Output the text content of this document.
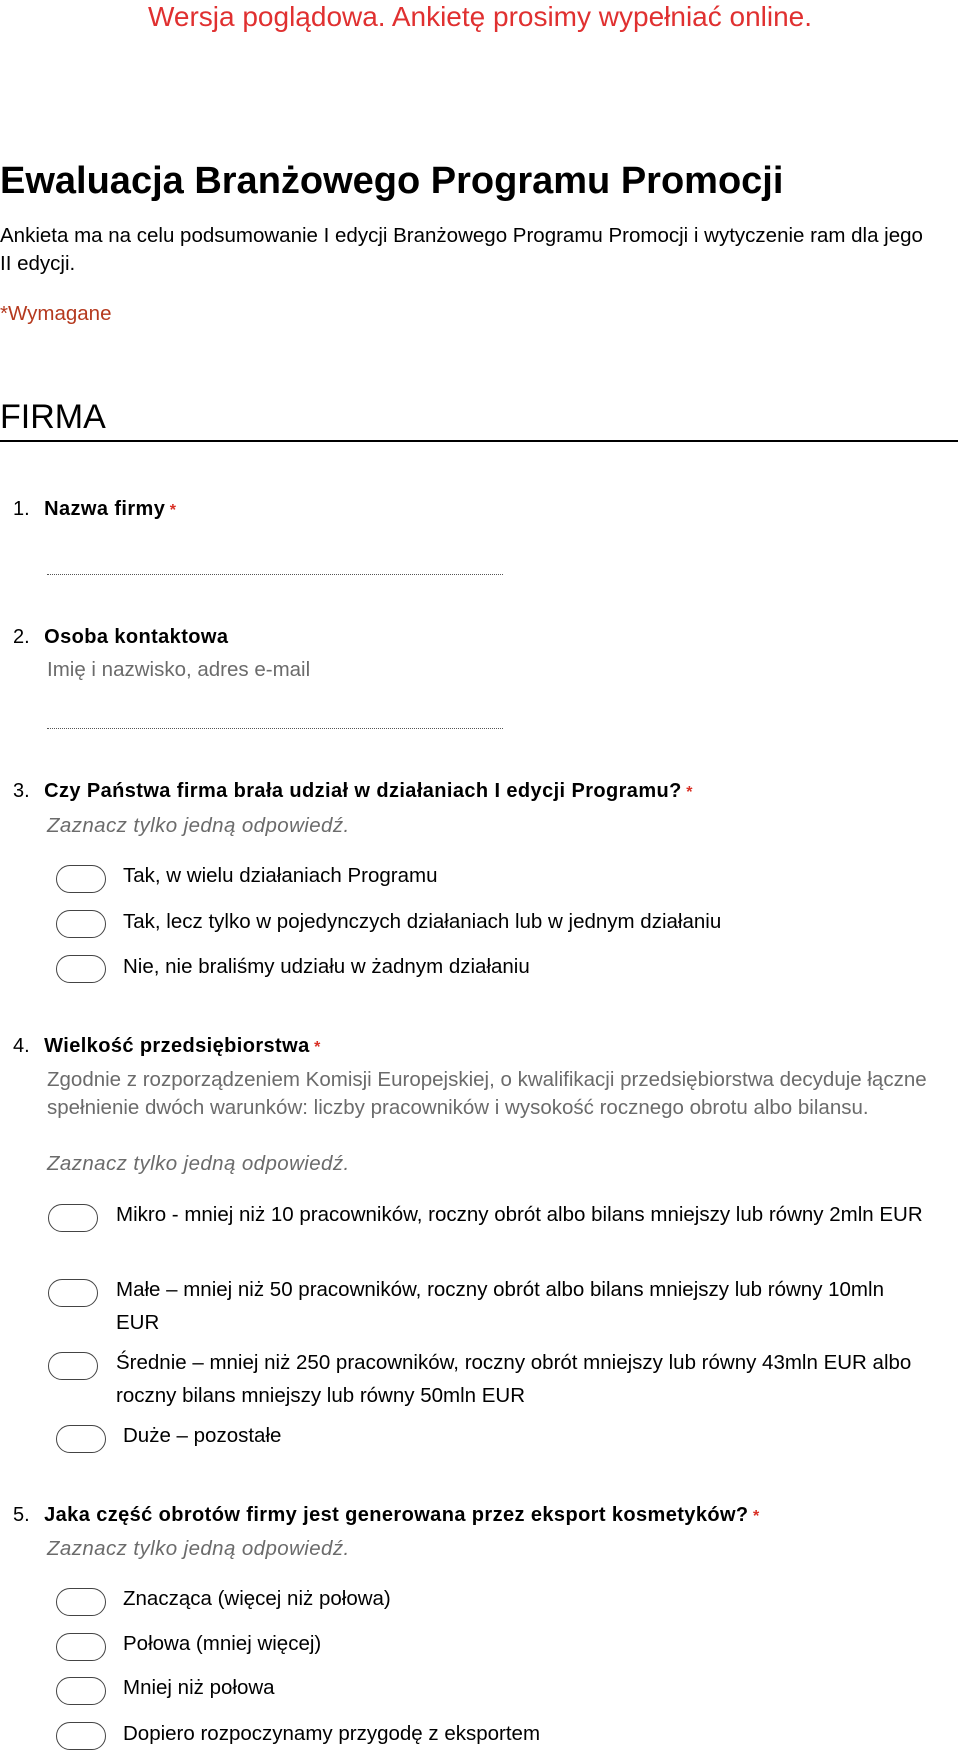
Wersja poglądowa. Ankietę prosimy wypełniać online.
Ewaluacja Branżowego Programu Promocji
Ankieta ma na celu podsumowanie I edycji Branżowego Programu Promocji i wytyczenie ram dla jego II edycji.
*Wymagane
FIRMA
1. Nazwa firmy *
2. Osoba kontaktowa
Imię i nazwisko, adres e-mail
3. Czy Państwa firma brała udział w działaniach I edycji Programu? *
Zaznacz tylko jedną odpowiedź.
Tak, w wielu działaniach Programu
Tak, lecz tylko w pojedynczych działaniach lub w jednym działaniu
Nie, nie braliśmy udziału w żadnym działaniu
4. Wielkość przedsiębiorstwa *
Zgodnie z rozporządzeniem Komisji Europejskiej, o kwalifikacji przedsiębiorstwa decyduje łączne spełnienie dwóch warunków: liczby pracowników i wysokość rocznego obrotu albo bilansu.
Zaznacz tylko jedną odpowiedź.
Mikro - mniej niż 10 pracowników, roczny obrót albo bilans mniejszy lub równy 2mln EUR
Małe – mniej niż 50 pracowników, roczny obrót albo bilans mniejszy lub równy 10mln EUR
Średnie – mniej niż 250 pracowników, roczny obrót mniejszy lub równy 43mln EUR albo roczny bilans mniejszy lub równy 50mln EUR
Duże – pozostałe
5. Jaka część obrotów firmy jest generowana przez eksport kosmetyków? *
Zaznacz tylko jedną odpowiedź.
Znacząca (więcej niż połowa)
Połowa (mniej więcej)
Mniej niż połowa
Dopiero rozpoczynamy przygodę z eksportem
